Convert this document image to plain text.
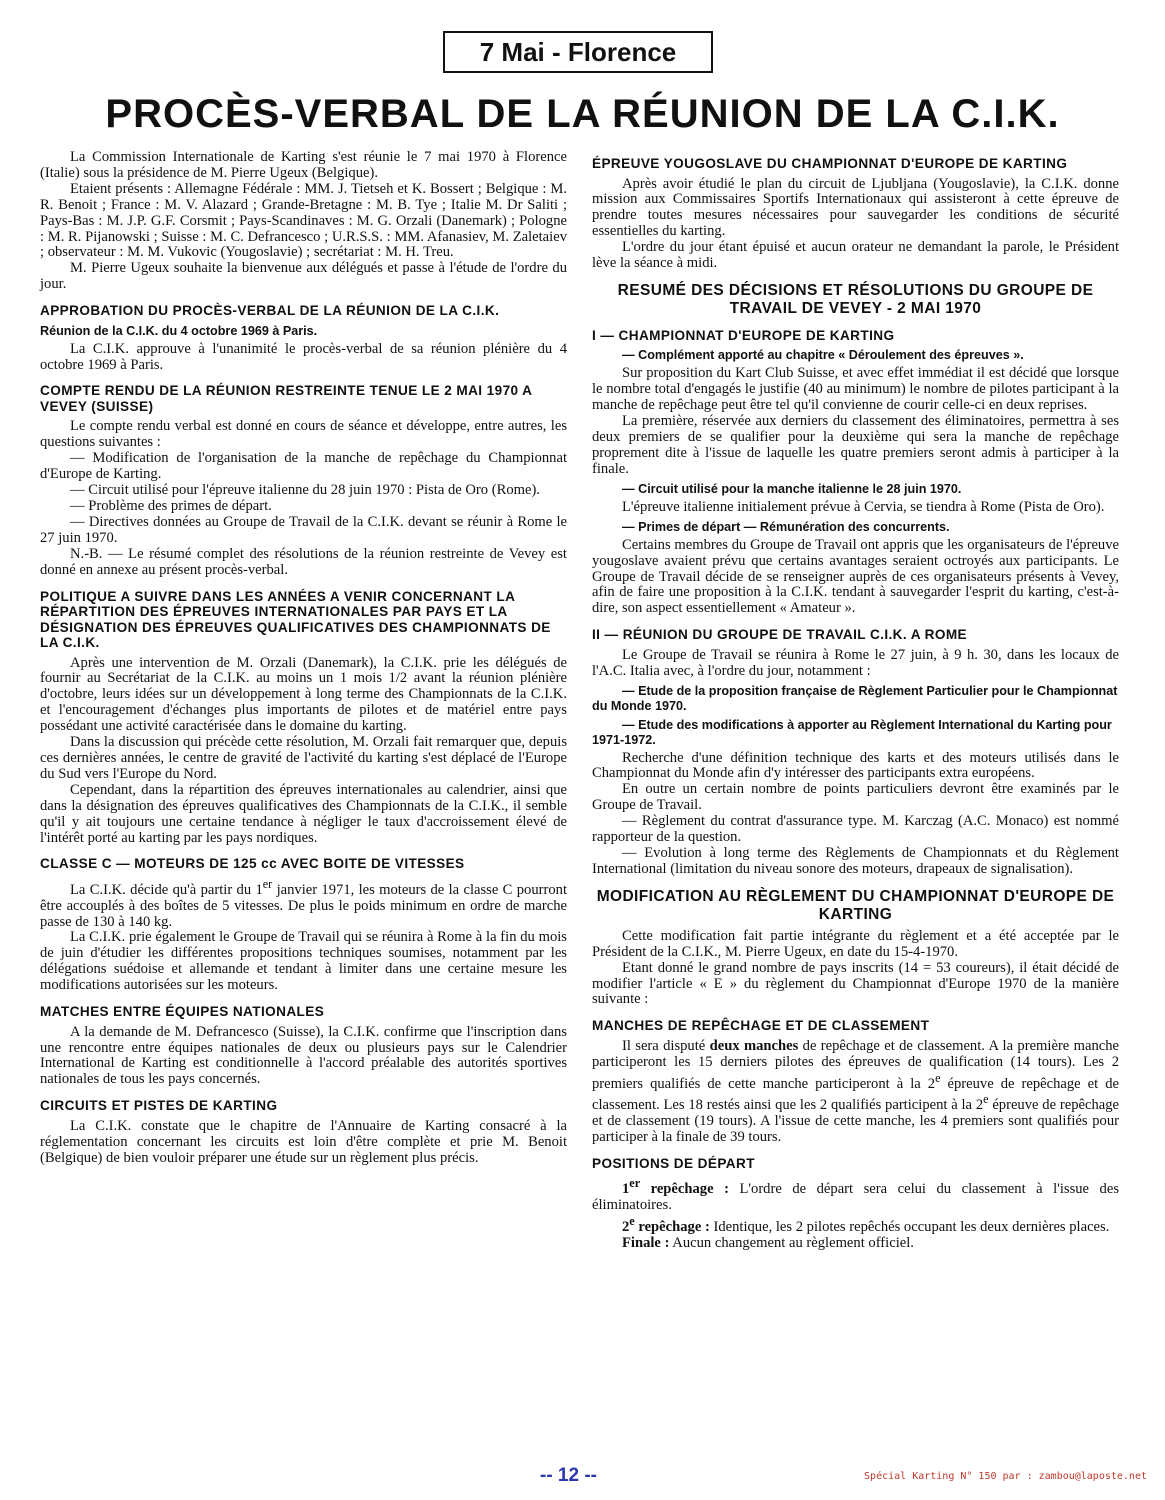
7 Mai - Florence
PROCÈS-VERBAL DE LA RÉUNION DE LA C.I.K.

La Commission Internationale de Karting s'est réunie le 7 mai 1970 à Florence (Italie) sous la présidence de M. Pierre Ugeux (Belgique).

Etaient présents : Allemagne Fédérale : MM. J. Tietseh et K. Bossert ; Belgique : M. R. Benoit ; France : M. V. Alazard ; Grande-Bretagne : M. B. Tye ; Italie M. Dr Saliti ; Pays-Bas : M. J.P. G.F. Corsmit ; Pays-Scandinaves : M. G. Orzali (Danemark) ; Pologne : M. R. Pijanowski ; Suisse : M. C. Defrancesco ; U.R.S.S. : MM. Afanasiev, M. Zaletaiev ; observateur : M. M. Vukovic (Yougoslavie) ; secrétariat : M. H. Treu.

M. Pierre Ugeux souhaite la bienvenue aux délégués et passe à l'étude de l'ordre du jour.

APPROBATION DU PROCÈS-VERBAL DE LA RÉUNION DE LA C.I.K.
Réunion de la C.I.K. du 4 octobre 1969 à Paris.

La C.I.K. approuve à l'unanimité le procès-verbal de sa réunion plénière du 4 octobre 1969 à Paris.

COMPTE RENDU DE LA RÉUNION RESTREINTE TENUE LE 2 MAI 1970 A VEVEY (SUISSE)

Le compte rendu verbal est donné en cours de séance et développe, entre autres, les questions suivantes :

— Modification de l'organisation de la manche de repêchage du Championnat d'Europe de Karting.

— Circuit utilisé pour l'épreuve italienne du 28 juin 1970 : Pista de Oro (Rome).

— Problème des primes de départ.

— Directives données au Groupe de Travail de la C.I.K. devant se réunir à Rome le 27 juin 1970.

N.-B. — Le résumé complet des résolutions de la réunion restreinte de Vevey est donné en annexe au présent procès-verbal.

POLITIQUE A SUIVRE DANS LES ANNÉES A VENIR CONCERNANT LA RÉPARTITION DES ÉPREUVES INTERNATIONALES PAR PAYS ET LA DÉSIGNATION DES ÉPREUVES QUALIFICATIVES DES CHAMPIONNATS DE LA C.I.K.

Après une intervention de M. Orzali (Danemark), la C.I.K. prie les délégués de fournir au Secrétariat de la C.I.K. au moins un 1 mois 1/2 avant la réunion plénière d'octobre, leurs idées sur un développement à long terme des Championnats de la C.I.K. et l'encouragement d'échanges plus importants de pilotes et de matériel entre pays possédant une activité caractérisée dans le domaine du karting.

Dans la discussion qui précède cette résolution, M. Orzali fait remarquer que, depuis ces dernières années, le centre de gravité de l'activité du karting s'est déplacé de l'Europe du Sud vers l'Europe du Nord.

Cependant, dans la répartition des épreuves internationales au calendrier, ainsi que dans la désignation des épreuves qualificatives des Championnats de la C.I.K., il semble qu'il y ait toujours une certaine tendance à négliger le taux d'accroissement élevé de l'intérêt porté au karting par les pays nordiques.

CLASSE C — MOTEURS DE 125 cc AVEC BOITE DE VITESSES

La C.I.K. décide qu'à partir du 1er janvier 1971, les moteurs de la classe C pourront être accouplés à des boîtes de 5 vitesses. De plus le poids minimum en ordre de marche passe de 130 à 140 kg.

La C.I.K. prie également le Groupe de Travail qui se réunira à Rome à la fin du mois de juin d'étudier les différentes propositions techniques soumises, notamment par les délégations suédoise et allemande et tendant à limiter dans une certaine mesure les modifications autorisées sur les moteurs.

MATCHES ENTRE ÉQUIPES NATIONALES

A la demande de M. Defrancesco (Suisse), la C.I.K. confirme que l'inscription dans une rencontre entre équipes nationales de deux ou plusieurs pays sur le Calendrier International de Karting est conditionnelle à l'accord préalable des autorités sportives nationales de tous les pays concernés.

CIRCUITS ET PISTES DE KARTING

La C.I.K. constate que le chapitre de l'Annuaire de Karting consacré à la réglementation concernant les circuits est loin d'être complète et prie M. Benoit (Belgique) de bien vouloir préparer une étude sur un règlement plus précis.

ÉPREUVE YOUGOSLAVE DU CHAMPIONNAT D'EUROPE DE KARTING

Après avoir étudié le plan du circuit de Ljubljana (Yougoslavie), la C.I.K. donne mission aux Commissaires Sportifs Internationaux qui assisteront à cette épreuve de prendre toutes mesures nécessaires pour sauvegarder les conditions de sécurité essentielles du karting.

L'ordre du jour étant épuisé et aucun orateur ne demandant la parole, le Président lève la séance à midi.

RESUMÉ DES DÉCISIONS ET RÉSOLUTIONS DU GROUPE DE TRAVAIL DE VEVEY - 2 MAI 1970
I — CHAMPIONNAT D'EUROPE DE KARTING
— Complément apporté au chapitre « Déroulement des épreuves ».

Sur proposition du Kart Club Suisse, et avec effet immédiat il est décidé que lorsque le nombre total d'engagés le justifie (40 au minimum) le nombre de pilotes participant à la manche de repêchage peut être tel qu'il convienne de courir celle-ci en deux reprises.

La première, réservée aux derniers du classement des éliminatoires, permettra à ses deux premiers de se qualifier pour la deuxième qui sera la manche de repêchage proprement dite à l'issue de laquelle les quatre premiers seront admis à participer à la finale.

— Circuit utilisé pour la manche italienne le 28 juin 1970.

L'épreuve italienne initialement prévue à Cervia, se tiendra à Rome (Pista de Oro).

— Primes de départ — Rémunération des concurrents.

Certains membres du Groupe de Travail ont appris que les organisateurs de l'épreuve yougoslave avaient prévu que certains avantages seraient octroyés aux participants. Le Groupe de Travail décide de se renseigner auprès de ces organisateurs présents à Vevey, afin de faire une proposition à la C.I.K. tendant à sauvegarder l'esprit du karting, c'est-à-dire, son aspect essentiellement « Amateur ».

II — RÉUNION DU GROUPE DE TRAVAIL C.I.K. A ROME

Le Groupe de Travail se réunira à Rome le 27 juin, à 9 h. 30, dans les locaux de l'A.C. Italia avec, à l'ordre du jour, notamment :

— Etude de la proposition française de Règlement Particulier pour le Championnat du Monde 1970.
— Etude des modifications à apporter au Règlement International du Karting pour 1971-1972.

Recherche d'une définition technique des karts et des moteurs utilisés dans le Championnat du Monde afin d'y intéresser des participants extra européens.

En outre un certain nombre de points particuliers devront être examinés par le Groupe de Travail.

— Règlement du contrat d'assurance type. M. Karczag (A.C. Monaco) est nommé rapporteur de la question.

— Evolution à long terme des Règlements de Championnats et du Règlement International (limitation du niveau sonore des moteurs, drapeaux de signalisation).

MODIFICATION AU RÈGLEMENT DU CHAMPIONNAT D'EUROPE DE KARTING

Cette modification fait partie intégrante du règlement et a été acceptée par le Président de la C.I.K., M. Pierre Ugeux, en date du 15-4-1970.

Etant donné le grand nombre de pays inscrits (14 = 53 coureurs), il était décidé de modifier l'article « E » du règlement du Championnat d'Europe 1970 de la manière suivante :

MANCHES DE REPÊCHAGE ET DE CLASSEMENT

Il sera disputé deux manches de repêchage et de classement. A la première manche participeront les 15 derniers pilotes des épreuves de qualification (14 tours). Les 2 premiers qualifiés de cette manche participeront à la 2e épreuve de repêchage et de classement. Les 18 restés ainsi que les 2 qualifiés participent à la 2e épreuve de repêchage et de classement (19 tours). A l'issue de cette manche, les 4 premiers sont qualifiés pour participer à la finale de 39 tours.

POSITIONS DE DÉPART

1er repêchage : L'ordre de départ sera celui du classement à l'issue des éliminatoires.

2e repêchage : Identique, les 2 pilotes repêchés occupant les deux dernières places.

Finale : Aucun changement au règlement officiel.

-- 12 --	Spécial Karting N° 150 par : zambou@laposte.net
